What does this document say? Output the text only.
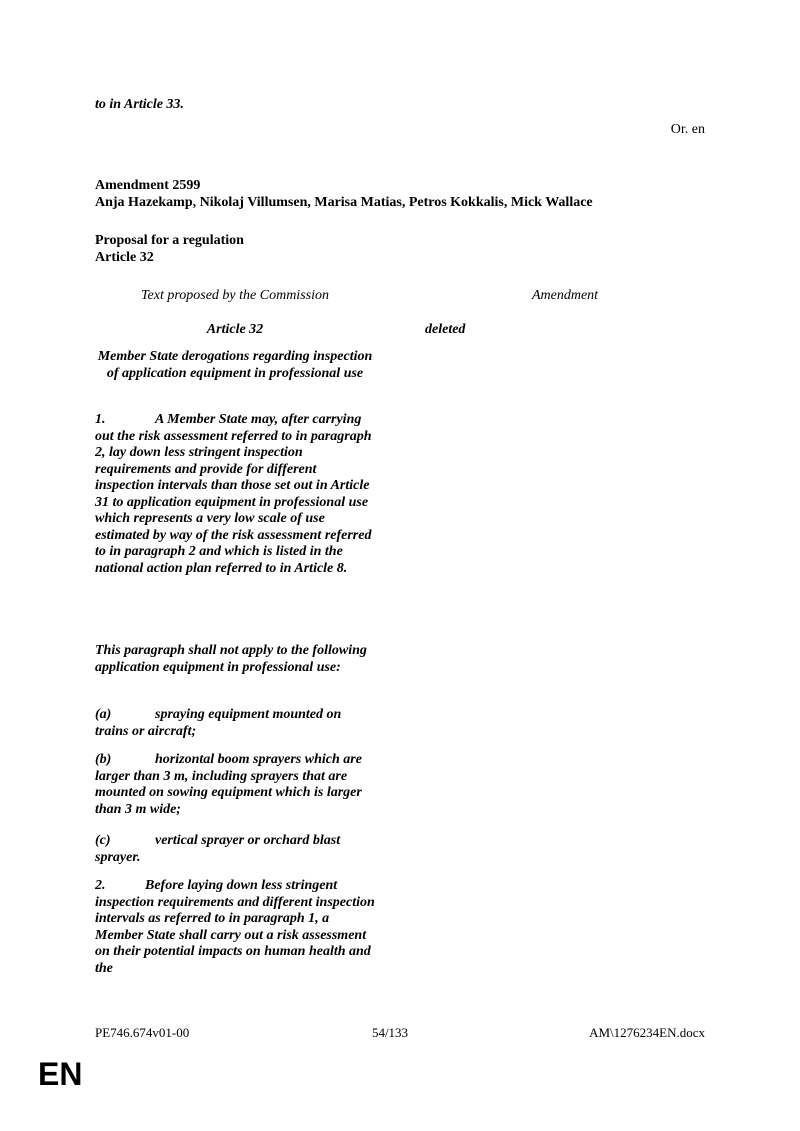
to in Article 33.
Or. en
Amendment 2599
Anja Hazekamp, Nikolaj Villumsen, Marisa Matias, Petros Kokkalis, Mick Wallace
Proposal for a regulation
Article 32
Text proposed by the Commission	Amendment
Article 32	deleted
Member State derogations regarding inspection of application equipment in professional use

1.	A Member State may, after carrying out the risk assessment referred to in paragraph 2, lay down less stringent inspection requirements and provide for different inspection intervals than those set out in Article 31 to application equipment in professional use which represents a very low scale of use estimated by way of the risk assessment referred to in paragraph 2 and which is listed in the national action plan referred to in Article 8.

This paragraph shall not apply to the following application equipment in professional use:

(a)	spraying equipment mounted on trains or aircraft;

(b)	horizontal boom sprayers which are larger than 3 m, including sprayers that are mounted on sowing equipment which is larger than 3 m wide;

(c)	vertical sprayer or orchard blast sprayer.

2.	Before laying down less stringent inspection requirements and different inspection intervals as referred to in paragraph 1, a Member State shall carry out a risk assessment on their potential impacts on human health and the

PE746.674v01-00	54/133	AM\1276234EN.docx
EN
